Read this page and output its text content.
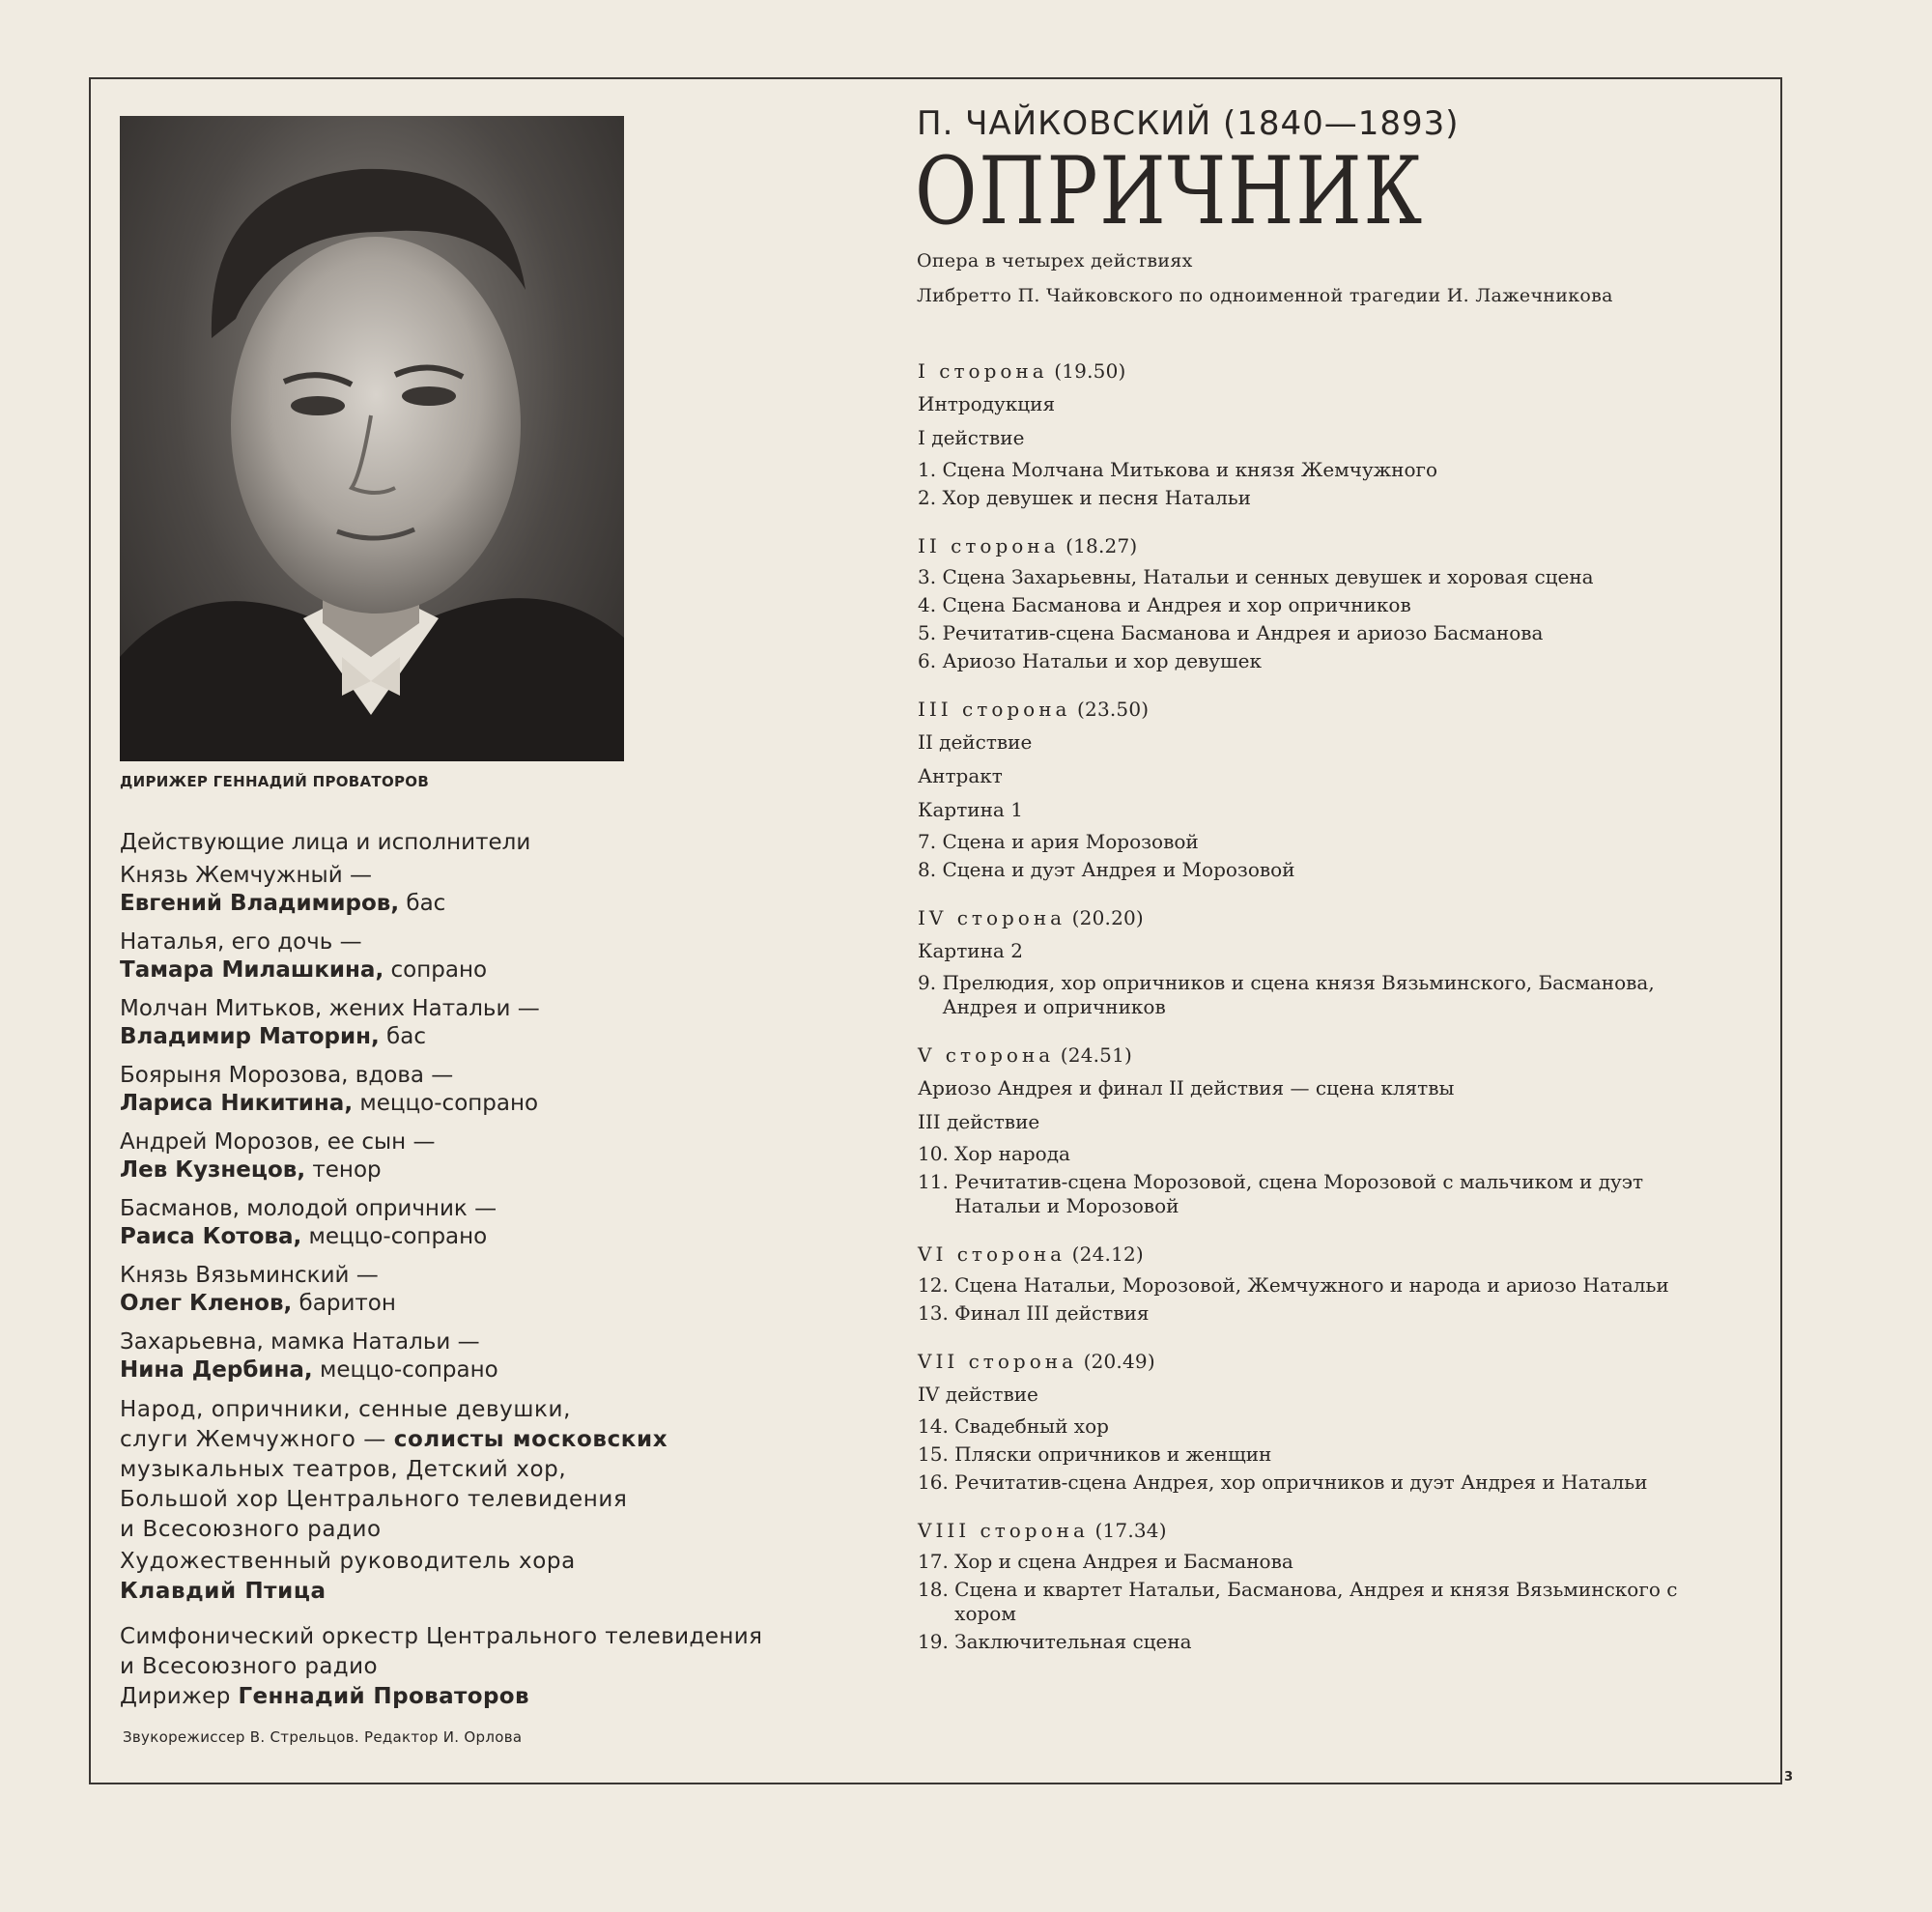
ДИРИЖЕР ГЕННАДИЙ ПРОВАТОРОВ
П. ЧАЙКОВСКИЙ (1840—1893)
ОПРИЧНИК
Опера в четырех действиях
Либретто П. Чайковского по одноименной трагедии И. Лажечникова
Действующие лица и исполнители
Князь Жемчужный —
Евгений Владимиров, бас
Наталья, его дочь —
Тамара Милашкина, сопрано
Молчан Митьков, жених Натальи —
Владимир Маторин, бас
Боярыня Морозова, вдова —
Лариса Никитина, меццо-сопрано
Андрей Морозов, ее сын —
Лев Кузнецов, тенор
Басманов, молодой опричник —
Раиса Котова, меццо-сопрано
Князь Вязьминский —
Олег Кленов, баритон
Захарьевна, мамка Натальи —
Нина Дербина, меццо-сопрано
Народ, опричники, сенные девушки,
слуги Жемчужного — солисты московских
музыкальных театров, Детский хор,
Большой хор Центрального телевидения
и Всесоюзного радио
Художественный руководитель хора
Клавдий Птица
Симфонический оркестр Центрального телевидения
и Всесоюзного радио
Дирижер Геннадий Проваторов
Звукорежиссер В. Стрельцов. Редактор И. Орлова
I сторона (19.50)
Интродукция
I действие
1. Сцена Молчана Митькова и князя Жемчужного
2. Хор девушек и песня Натальи
II сторона (18.27)
3. Сцена Захарьевны, Натальи и сенных девушек и хоровая сцена
4. Сцена Басманова и Андрея и хор опричников
5. Речитатив-сцена Басманова и Андрея и ариозо Басманова
6. Ариозо Натальи и хор девушек
III сторона (23.50)
II действие
Антракт
Картина 1
7. Сцена и ария Морозовой
8. Сцена и дуэт Андрея и Морозовой
IV сторона (20.20)
Картина 2
9. Прелюдия, хор опричников и сцена князя Вязьминского, Басманова, Андрея и опричников
V сторона (24.51)
Ариозо Андрея и финал II действия — сцена клятвы
III действие
10. Хор народа
11. Речитатив-сцена Морозовой, сцена Морозовой с мальчиком и дуэт Натальи и Морозовой
VI сторона (24.12)
12. Сцена Натальи, Морозовой, Жемчужного и народа и ариозо Натальи
13. Финал III действия
VII сторона (20.49)
IV действие
14. Свадебный хор
15. Пляски опричников и женщин
16. Речитатив-сцена Андрея, хор опричников и дуэт Андрея и Натальи
VIII сторона (17.34)
17. Хор и сцена Андрея и Басманова
18. Сцена и квартет Натальи, Басманова, Андрея и князя Вязьминского с хором
19. Заключительная сцена
3
